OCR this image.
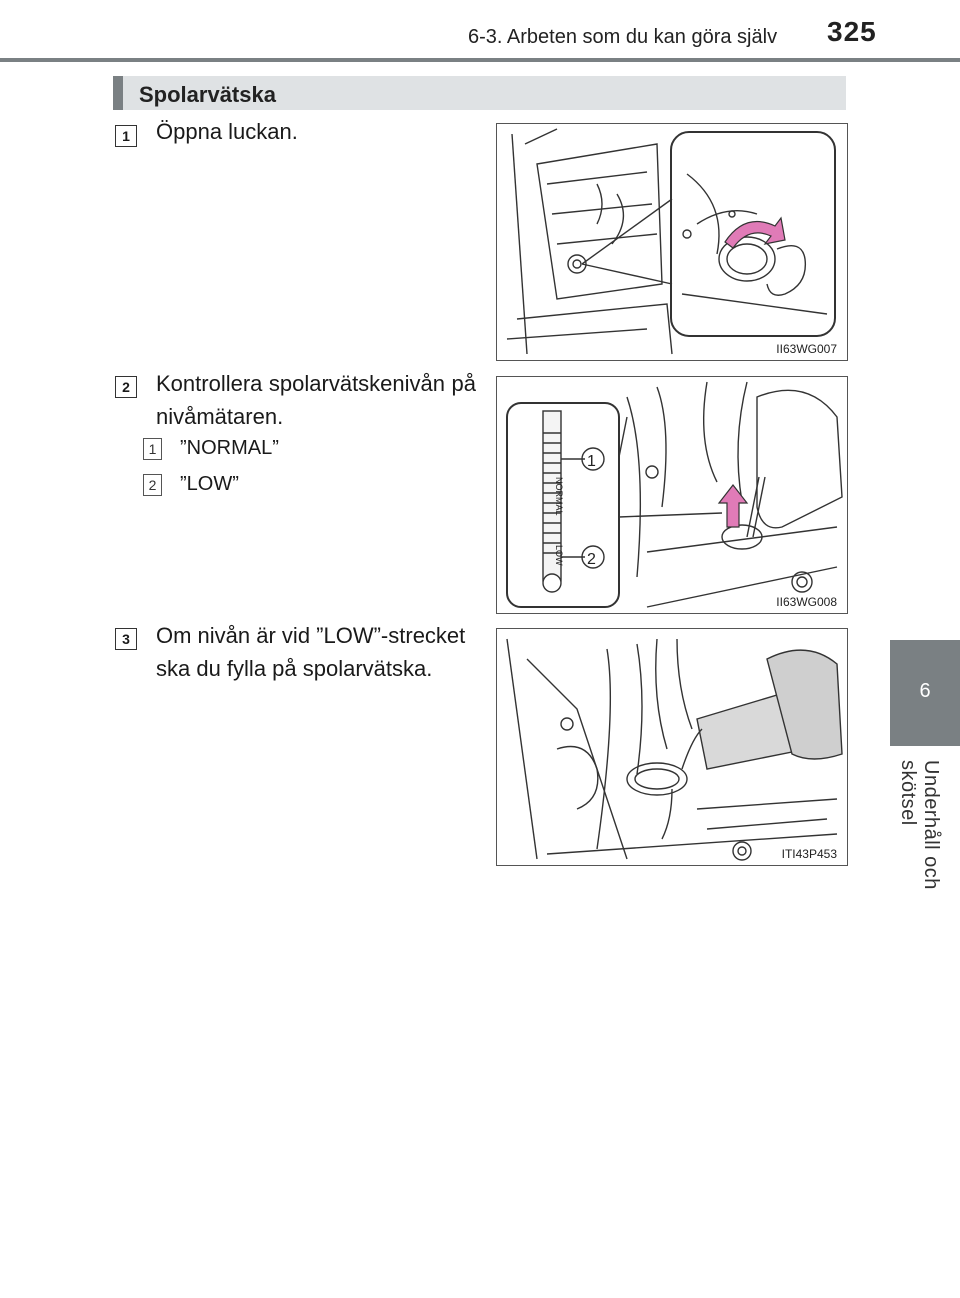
6-3. Arbeten som du kan göra själv 325
6
Underhåll och skötsel
Spolarvätska
1	Öppna luckan.
2	Kontrollera spolarvätskenivån på nivåmätaren.
1 ”NORMAL”
2 ”LOW”
3	Om nivån är vid ”LOW”-strecket ska du fylla på spolarvätska.
II63WG007
NORMAL
LOW
1
2
II63WG008
ITI43P453
